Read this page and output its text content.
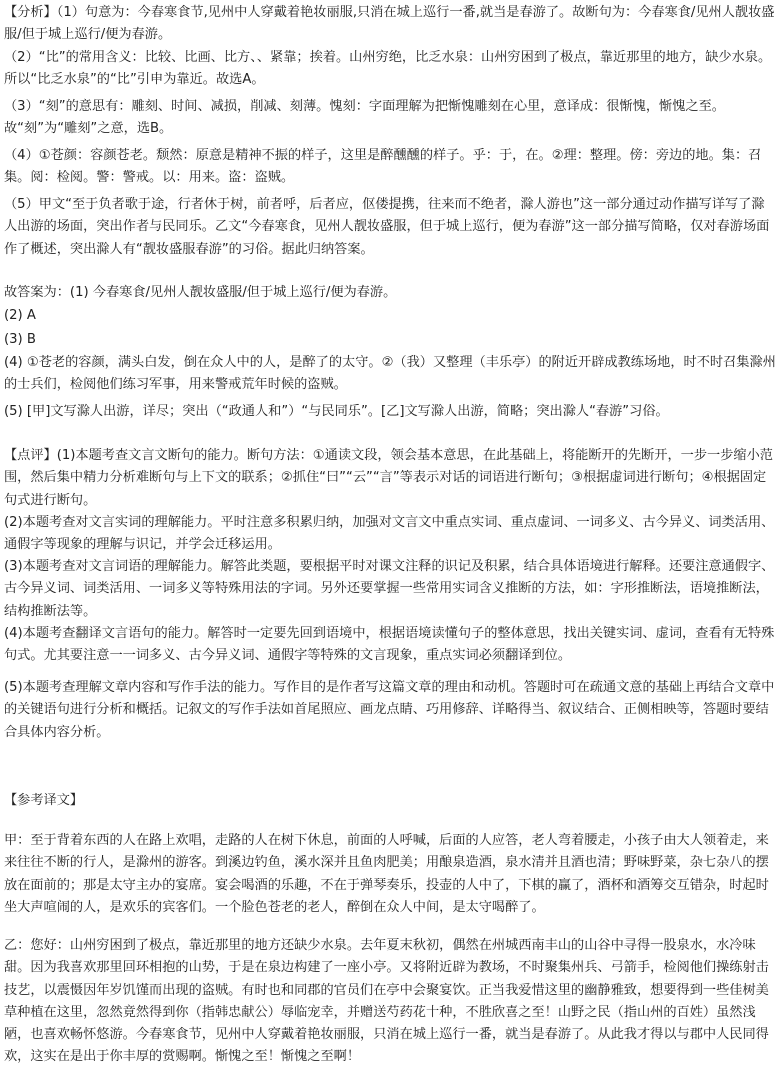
【分析】（1）句意为：今春寒食节,见州中人穿戴着艳妆丽服,只消在城上巡行一番,就当是春游了。故断句为：今春寒食/见州人靓妆盛服/但于城上巡行/便为春游。

（2）“比”的常用含义：比较、比画、比方、、紧靠；挨着。山州穷绝，比乏水泉：山州穷困到了极点，靠近那里的地方，缺少水泉。所以“比乏水泉”的“比”引申为靠近。故选A。

（3）“刻”的意思有：雕刻、时间、减损，削减、刻薄。愧刻：字面理解为把惭愧雕刻在心里，意译成：很惭愧，惭愧之至。故“刻”为“雕刻”之意，选B。

（4）①苍颜：容颜苍老。颓然：原意是精神不振的样子，这里是醉醺醺的样子。乎：于，在。②理：整理。傍：旁边的地。集：召集。阅：检阅。警：警戒。以：用来。盗：盗贼。

（5）甲文“至于负者歌于途，行者休于树，前者呼，后者应，伛偻提携，往来而不绝者，滁人游也”这一部分通过动作描写详写了滁人出游的场面，突出作者与民同乐。乙文“今春寒食，见州人靓妆盛服，但于城上巡行，便为春游”这一部分描写简略，仅对春游场面作了概述，突出滁人有“靓妆盛服春游”的习俗。据此归纳答案。

故答案为：(1) 今春寒食/见州人靓妆盛服/但于城上巡行/便为春游。

(2) A

(3) B

(4) ①苍老的容颜，满头白发，倒在众人中的人，是醉了的太守。②（我）又整理（丰乐亭）的附近开辟成教练场地，时不时召集滁州的士兵们，检阅他们练习军事，用来警戒荒年时候的盗贼。

(5) [甲]文写滁人出游，详尽；突出（“政通人和”）“与民同乐”。[乙]文写滁人出游，简略；突出滁人“春游”习俗。

【点评】(1)本题考查文言文断句的能力。断句方法：①通读文段，领会基本意思，在此基础上，将能断开的先断开，一步一步缩小范围，然后集中精力分析难断句与上下文的联系；②抓住“曰”“云”“言”等表示对话的词语进行断句；③根据虚词进行断句；④根据固定句式进行断句。

(2)本题考查对文言实词的理解能力。平时注意多积累归纳，加强对文言文中重点实词、重点虚词、一词多义、古今异义、词类活用、通假字等现象的理解与识记，并学会迁移运用。

(3)本题考查对文言词语的理解能力。解答此类题，要根据平时对课文注释的识记及积累，结合具体语境进行解释。还要注意通假字、古今异义词、词类活用、一词多义等特殊用法的字词。另外还要掌握一些常用实词含义推断的方法，如：字形推断法，语境推断法，结构推断法等。

(4)本题考查翻译文言语句的能力。解答时一定要先回到语境中，根据语境读懂句子的整体意思，找出关键实词、虚词，查看有无特殊句式。尤其要注意一一词多义、古今异义词、通假字等特殊的文言现象，重点实词必须翻译到位。

(5)本题考查理解文章内容和写作手法的能力。写作目的是作者写这篇文章的理由和动机。答题时可在疏通文意的基础上再结合文章中的关键语句进行分析和概括。记叙文的写作手法如首尾照应、画龙点睛、巧用修辞、详略得当、叙议结合、正侧相映等，答题时要结合具体内容分析。

【参考译文】

甲：至于背着东西的人在路上欢唱，走路的人在树下休息，前面的人呼喊，后面的人应答，老人弯着腰走，小孩子由大人领着走，来来往往不断的行人，是滁州的游客。到溪边钓鱼，溪水深并且鱼肉肥美；用酿泉造酒，泉水清并且酒也清；野味野菜，杂七杂八的摆放在面前的；那是太守主办的宴席。宴会喝酒的乐趣，不在于弹琴奏乐，投壶的人中了，下棋的赢了，酒杯和酒筹交互错杂，时起时坐大声喧闹的人，是欢乐的宾客们。一个脸色苍老的老人，醉倒在众人中间，是太守喝醉了。

乙：您好：山州穷困到了极点，靠近那里的地方还缺少水泉。去年夏末秋初，偶然在州城西南丰山的山谷中寻得一股泉水，水冷味甜。因为我喜欢那里回环相抱的山势，于是在泉边构建了一座小亭。又将附近辟为教场，不时聚集州兵、弓箭手，检阅他们操练射击技艺，以震慑因年岁饥馑而出现的盗贼。有时也和同郡的官员们在亭中会聚宴饮。正当我爱惜这里的幽静雅致，想要得到一些佳树美草种植在这里，忽然竟然得到你（指韩忠献公）辱临宠幸，并赠送芍药花十种，不胜欣喜之至！山野之民（指山州的百姓）虽然浅陋，也喜欢畅怀悠游。今春寒食节，见州中人穿戴着艳妆丽服，只消在城上巡行一番，就当是春游了。从此我才得以与郡中人民同得欢，这实在是出于你丰厚的赏赐啊。惭愧之至！惭愧之至啊！
